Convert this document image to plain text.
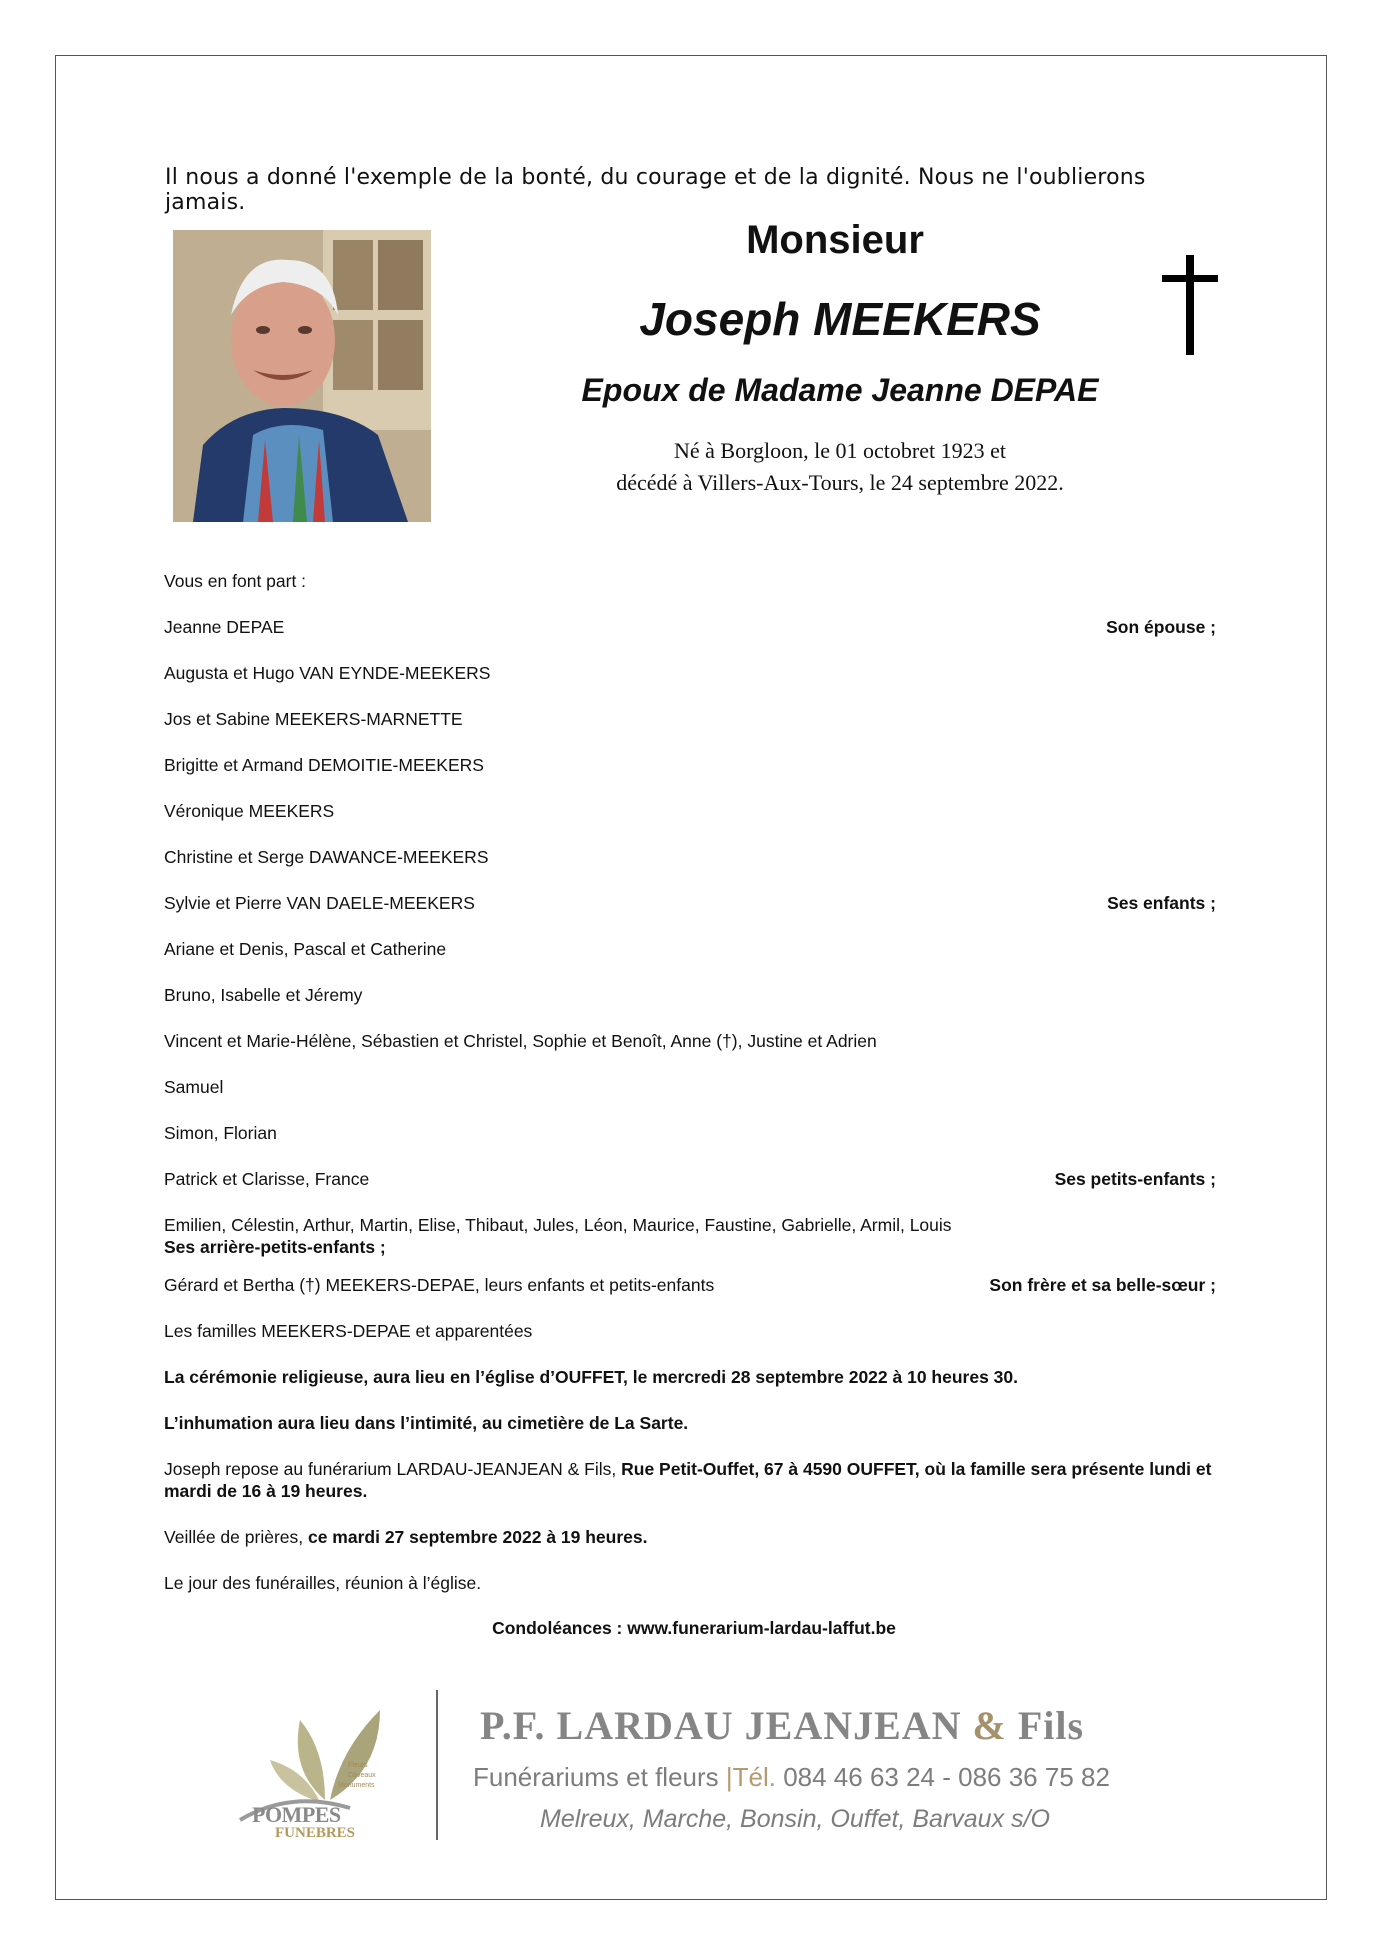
Il nous a donné l'exemple de la bonté, du courage et de la dignité. Nous ne l'oublierons jamais.
Monsieur
Joseph MEEKERS
Epoux de Madame Jeanne DEPAE
Né à Borgloon, le 01 octobret 1923 et
décédé à Villers-Aux-Tours, le 24 septembre 2022.
Vous en font part :
Jeanne DEPAE	Son épouse ;
Augusta et Hugo VAN EYNDE-MEEKERS
Jos et Sabine MEEKERS-MARNETTE
Brigitte et Armand DEMOITIE-MEEKERS
Véronique MEEKERS
Christine et Serge DAWANCE-MEEKERS
Sylvie et Pierre VAN DAELE-MEEKERS	Ses enfants ;
Ariane et Denis, Pascal et Catherine
Bruno, Isabelle et Jéremy
Vincent et Marie-Hélène, Sébastien et Christel, Sophie et Benoît, Anne (†), Justine et Adrien
Samuel
Simon, Florian
Patrick et Clarisse, France	Ses petits-enfants ;
Emilien, Célestin, Arthur, Martin, Elise, Thibaut, Jules, Léon, Maurice, Faustine, Gabrielle, Armil, Louis
Ses arrière-petits-enfants ;
Gérard et Bertha (†) MEEKERS-DEPAE, leurs enfants et petits-enfants	Son frère et sa belle-sœur ;
Les familles MEEKERS-DEPAE et apparentées

La cérémonie religieuse, aura lieu en l’église d’OUFFET, le mercredi 28 septembre 2022 à 10 heures 30.

L’inhumation aura lieu dans l’intimité, au cimetière de La Sarte.

Joseph repose au funérarium LARDAU-JEANJEAN & Fils, Rue Petit-Ouffet, 67 à 4590 OUFFET, où la famille sera présente lundi et mardi de 16 à 19 heures.

Veillée de prières, ce mardi 27 septembre 2022 à 19 heures.

Le jour des funérailles, réunion à l’église.

Condoléances : www.funerarium-lardau-laffut.be
Fleurs
Caveaux
Monuments
POMPES
FUNEBRES
P.F. LARDAU JEANJEAN & Fils
Funérariums et fleurs |Tél. 084 46 63 24 - 086 36 75 82
Melreux, Marche, Bonsin, Ouffet, Barvaux s/O
